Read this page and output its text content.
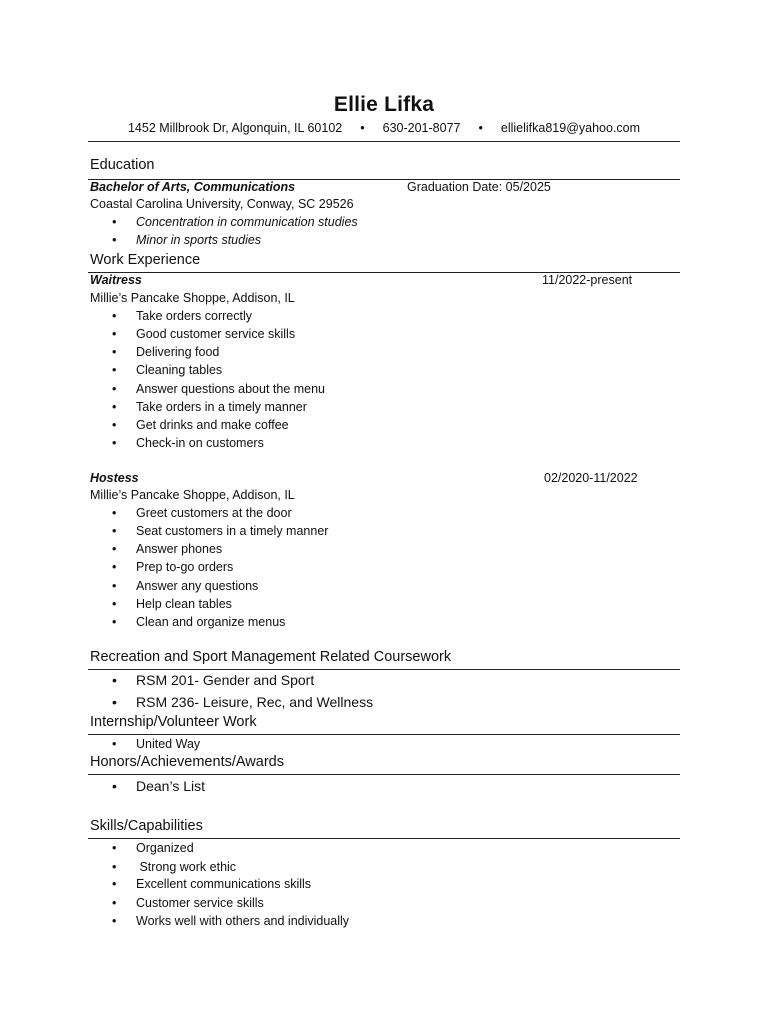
Ellie Lifka
1452 Millbrook Dr, Algonquin, IL 60102 • 630-201-8077 • ellielifka819@yahoo.com
Education
Bachelor of Arts, Communications	Graduation Date: 05/2025
Coastal Carolina University, Conway, SC 29526
•	Concentration in communication studies
•	Minor in sports studies
Work Experience
Waitress	11/2022-present
Millie’s Pancake Shoppe, Addison, IL
•	Take orders correctly
•	Good customer service skills
•	Delivering food
•	Cleaning tables
•	Answer questions about the menu
•	Take orders in a timely manner
•	Get drinks and make coffee
•	Check-in on customers
Hostess	02/2020-11/2022
Millie’s Pancake Shoppe, Addison, IL
•	Greet customers at the door
•	Seat customers in a timely manner
•	Answer phones
•	Prep to-go orders
•	Answer any questions
•	Help clean tables
•	Clean and organize menus
Recreation and Sport Management Related Coursework
•	RSM 201- Gender and Sport
•	RSM 236- Leisure, Rec, and Wellness
Internship/Volunteer Work
•	United Way
Honors/Achievements/Awards
•	Dean’s List
Skills/Capabilities
•	Organized
•	Strong work ethic
•	Excellent communications skills
•	Customer service skills
•	Works well with others and individually
